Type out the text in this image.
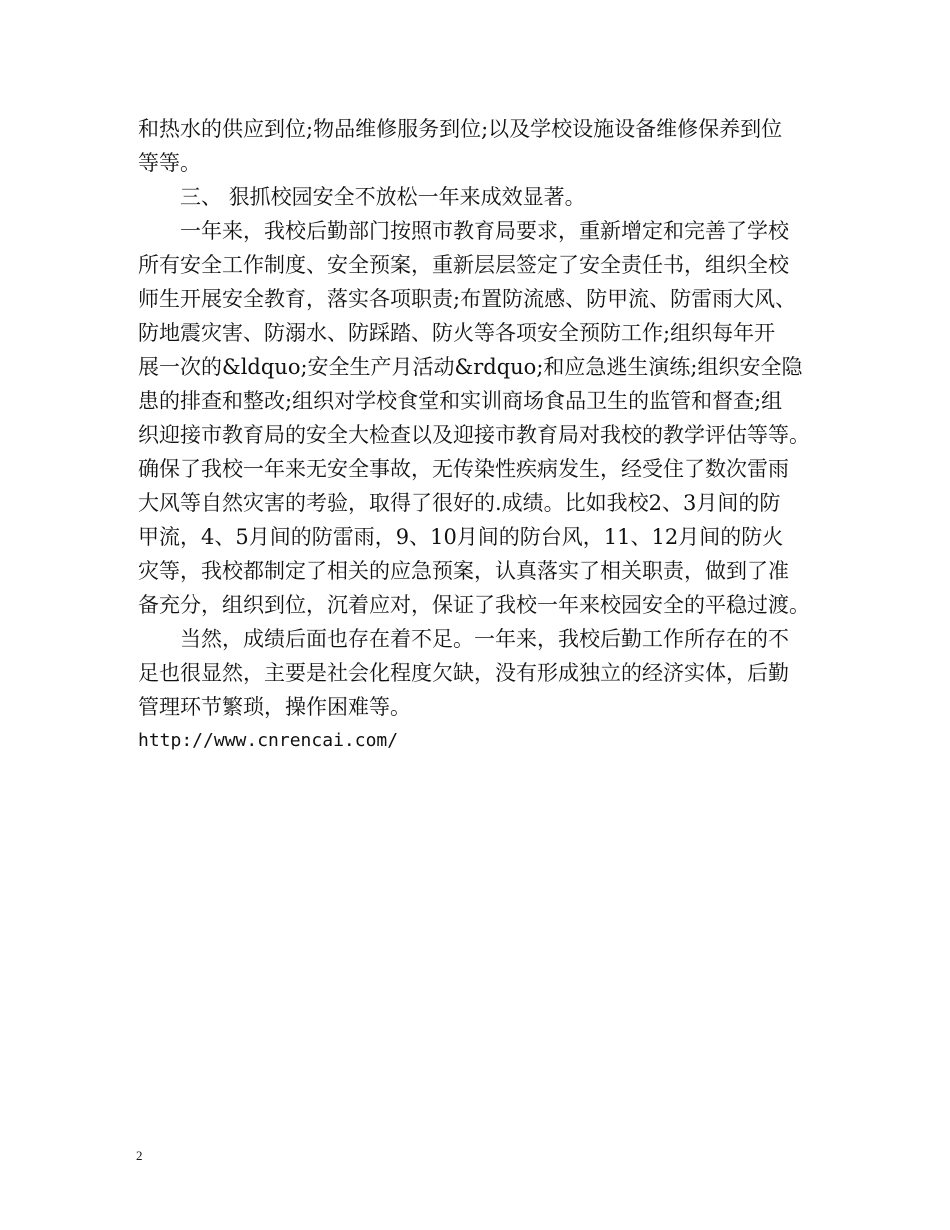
和热水的供应到位;物品维修服务到位;以及学校设施设备维修保养到位
等等。
三、 狠抓校园安全不放松一年来成效显著。
一年来，我校后勤部门按照市教育局要求，重新增定和完善了学校
所有安全工作制度、安全预案，重新层层签定了安全责任书，组织全校
师生开展安全教育，落实各项职责;布置防流感、防甲流、防雷雨大风、
防地震灾害、防溺水、防踩踏、防火等各项安全预防工作;组织每年开
展一次的&ldquo;安全生产月活动&rdquo;和应急逃生演练;组织安全隐
患的排查和整改;组织对学校食堂和实训商场食品卫生的监管和督查;组
织迎接市教育局的安全大检查以及迎接市教育局对我校的教学评估等等。
确保了我校一年来无安全事故，无传染性疾病发生，经受住了数次雷雨
大风等自然灾害的考验，取得了很好的.成绩。比如我校2、3月间的防
甲流，4、5月间的防雷雨，9、10月间的防台风，11、12月间的防火
灾等，我校都制定了相关的应急预案，认真落实了相关职责，做到了准
备充分，组织到位，沉着应对，保证了我校一年来校园安全的平稳过渡。
当然，成绩后面也存在着不足。一年来，我校后勤工作所存在的不
足也很显然，主要是社会化程度欠缺，没有形成独立的经济实体，后勤
管理环节繁琐，操作困难等。
http://www.cnrencai.com/
2
